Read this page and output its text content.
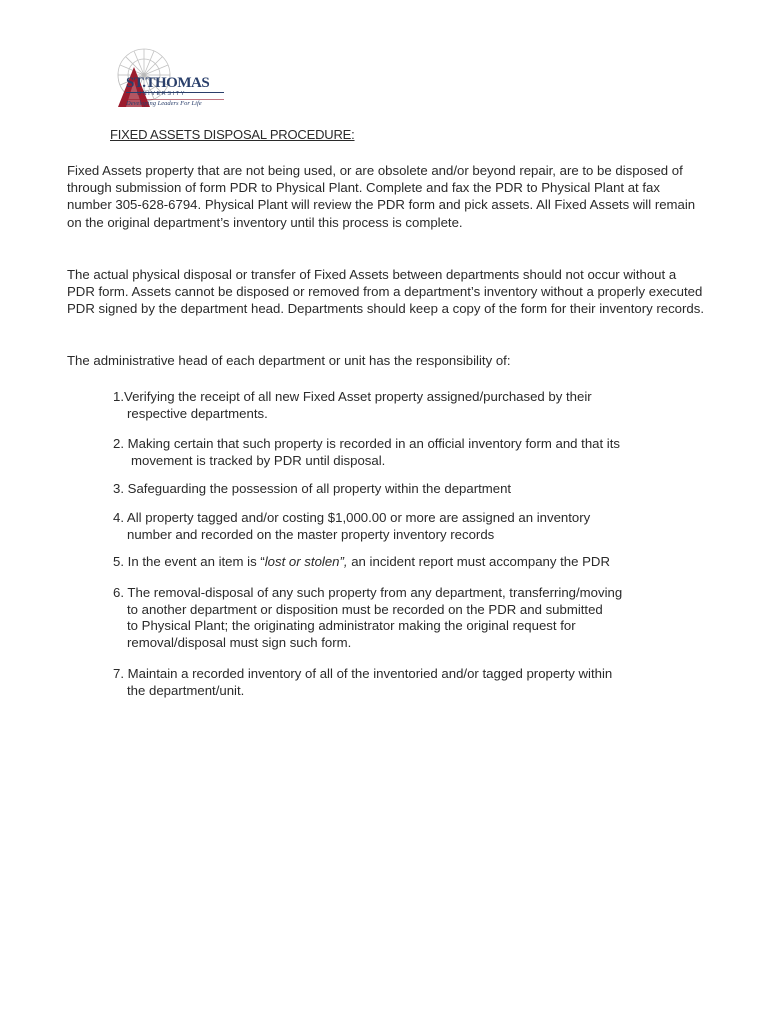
ST.THOMAS
UNIVERSITY
Developing Leaders For Life
FIXED ASSETS DISPOSAL PROCEDURE:

Fixed Assets property that are not being used, or are obsolete and/or beyond repair, are to be disposed of through submission of form PDR to Physical Plant. Complete and fax the PDR to Physical Plant at fax number 305-628-6794. Physical Plant will review the PDR form and pick assets. All Fixed Assets will remain on the original department’s inventory until this process is complete.

The actual physical disposal or transfer of Fixed Assets between departments should not occur without a PDR form. Assets cannot be disposed or removed from a department’s inventory without a properly executed PDR signed by the department head. Departments should keep a copy of the form for their inventory records.

The administrative head of each department or unit has the responsibility of:

1.Verifying the receipt of all new Fixed Asset property assigned/purchased by their
respective departments.
2. Making certain that such property is recorded in an official inventory form and that its
movement is tracked by PDR until disposal.
3. Safeguarding the possession of all property within the department
4. All property tagged and/or costing $1,000.00 or more are assigned an inventory
number and recorded on the master property inventory records
5. In the event an item is “lost or stolen”, an incident report must accompany the PDR
6. The removal-disposal of any such property from any department, transferring/moving
to another department or disposition must be recorded on the PDR and submitted
to Physical Plant; the originating administrator making the original request for
removal/disposal must sign such form.
7. Maintain a recorded inventory of all of the inventoried and/or tagged property within
the department/unit.
